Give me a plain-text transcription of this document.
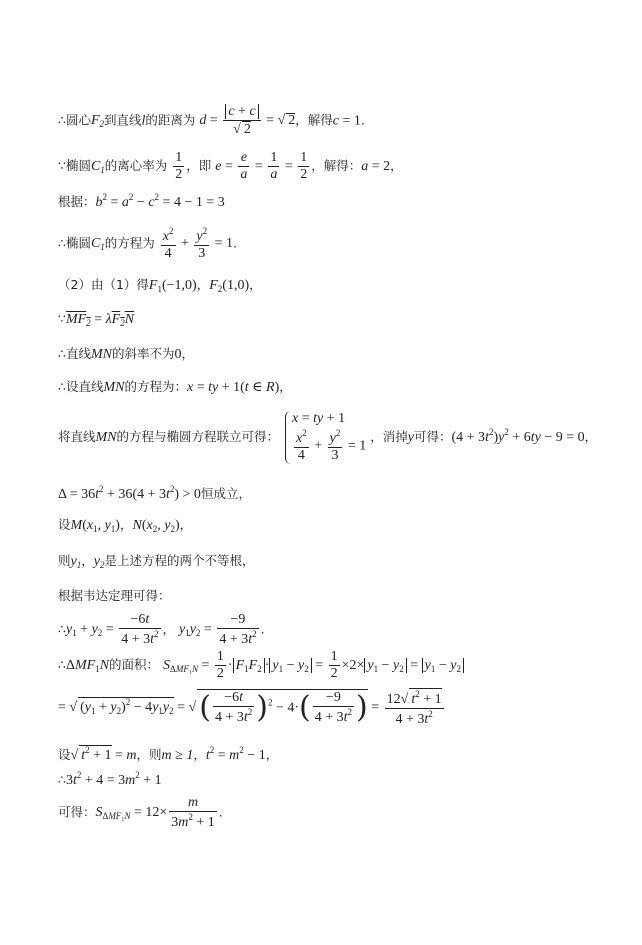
∴圆心$F_2$到直线l的距离为 $d = \frac{c + c}{√ 2}$ = √ 2，解得c = 1.
∵椭圆$C_1$的离心率为 $\frac{1}{2}$ ，即 $e = \frac{e}{a} = \frac{1}{a} = \frac{1}{2}$ ，解得：a = 2，
根据：$b^2 = a^2 - c^2 = 4 - 1 = 3$
∴椭圆$C_1$的方程为 $\frac{x^2}{4} + \frac{y^2}{3} = 1$.
（2）由（1）得$F_1(-1,0)$，$F_2(1,0)$，
$\because MF_2 = \lambda F_2N$
∴直线MN的斜率不为0，
∴设直线MN的方程为：x = ty + 1(t ∈ R)，
将直线MN的方程与椭圆方程联立可得：
x = ty + 1
$\frac{x^2}{4} + \frac{y^2}{3} = 1$
，消掉y可得：$(4 + 3t^2)y^2 + 6ty - 9 = 0$，
$\Delta = 36t^2 + 36(4 + 3t^2) > 0$恒成立，
设$M(x_1$, $y_1$)，$N(x_2$, $y_2$)，
则$y_1$，$y_2$是上述方程的两个不等根，
根据韦达定理可得：
$\therefore y_1 + y_2 = \frac{-6t}{4 + 3t^2}$ ， $y_1y_2 = \frac{-9}{4 + 3t^2}$ .
$\therefore\Delta MF_1N$的面积： $S_{\Delta MF_1N} = \frac{1}{2} \cdot F_1F_2 \cdot y_1 - y_2 = \frac{1}{2} \times 2\times y_1 - y_2 = y_1 - y_2$
= √ $(y_1 + y_2)^2 - 4y_1y_2$ = √ ( $\frac{-6t}{4 + 3t^2} )^2 - 4\cdot( \frac{-9}{4 + 3t^2}$ ) = $\frac{12√ t^2 + 1}{4 + 3t^2}$
设√ $t^2 + 1 = m$，则m ≥ 1，$t^2 = m^2 - 1$，
$\therefore 3t^2 + 4 = 3m^2 + 1$
可得：$S_{\Delta MF_1N} = 12\times \frac{m}{3m^2 + 1}$ .
